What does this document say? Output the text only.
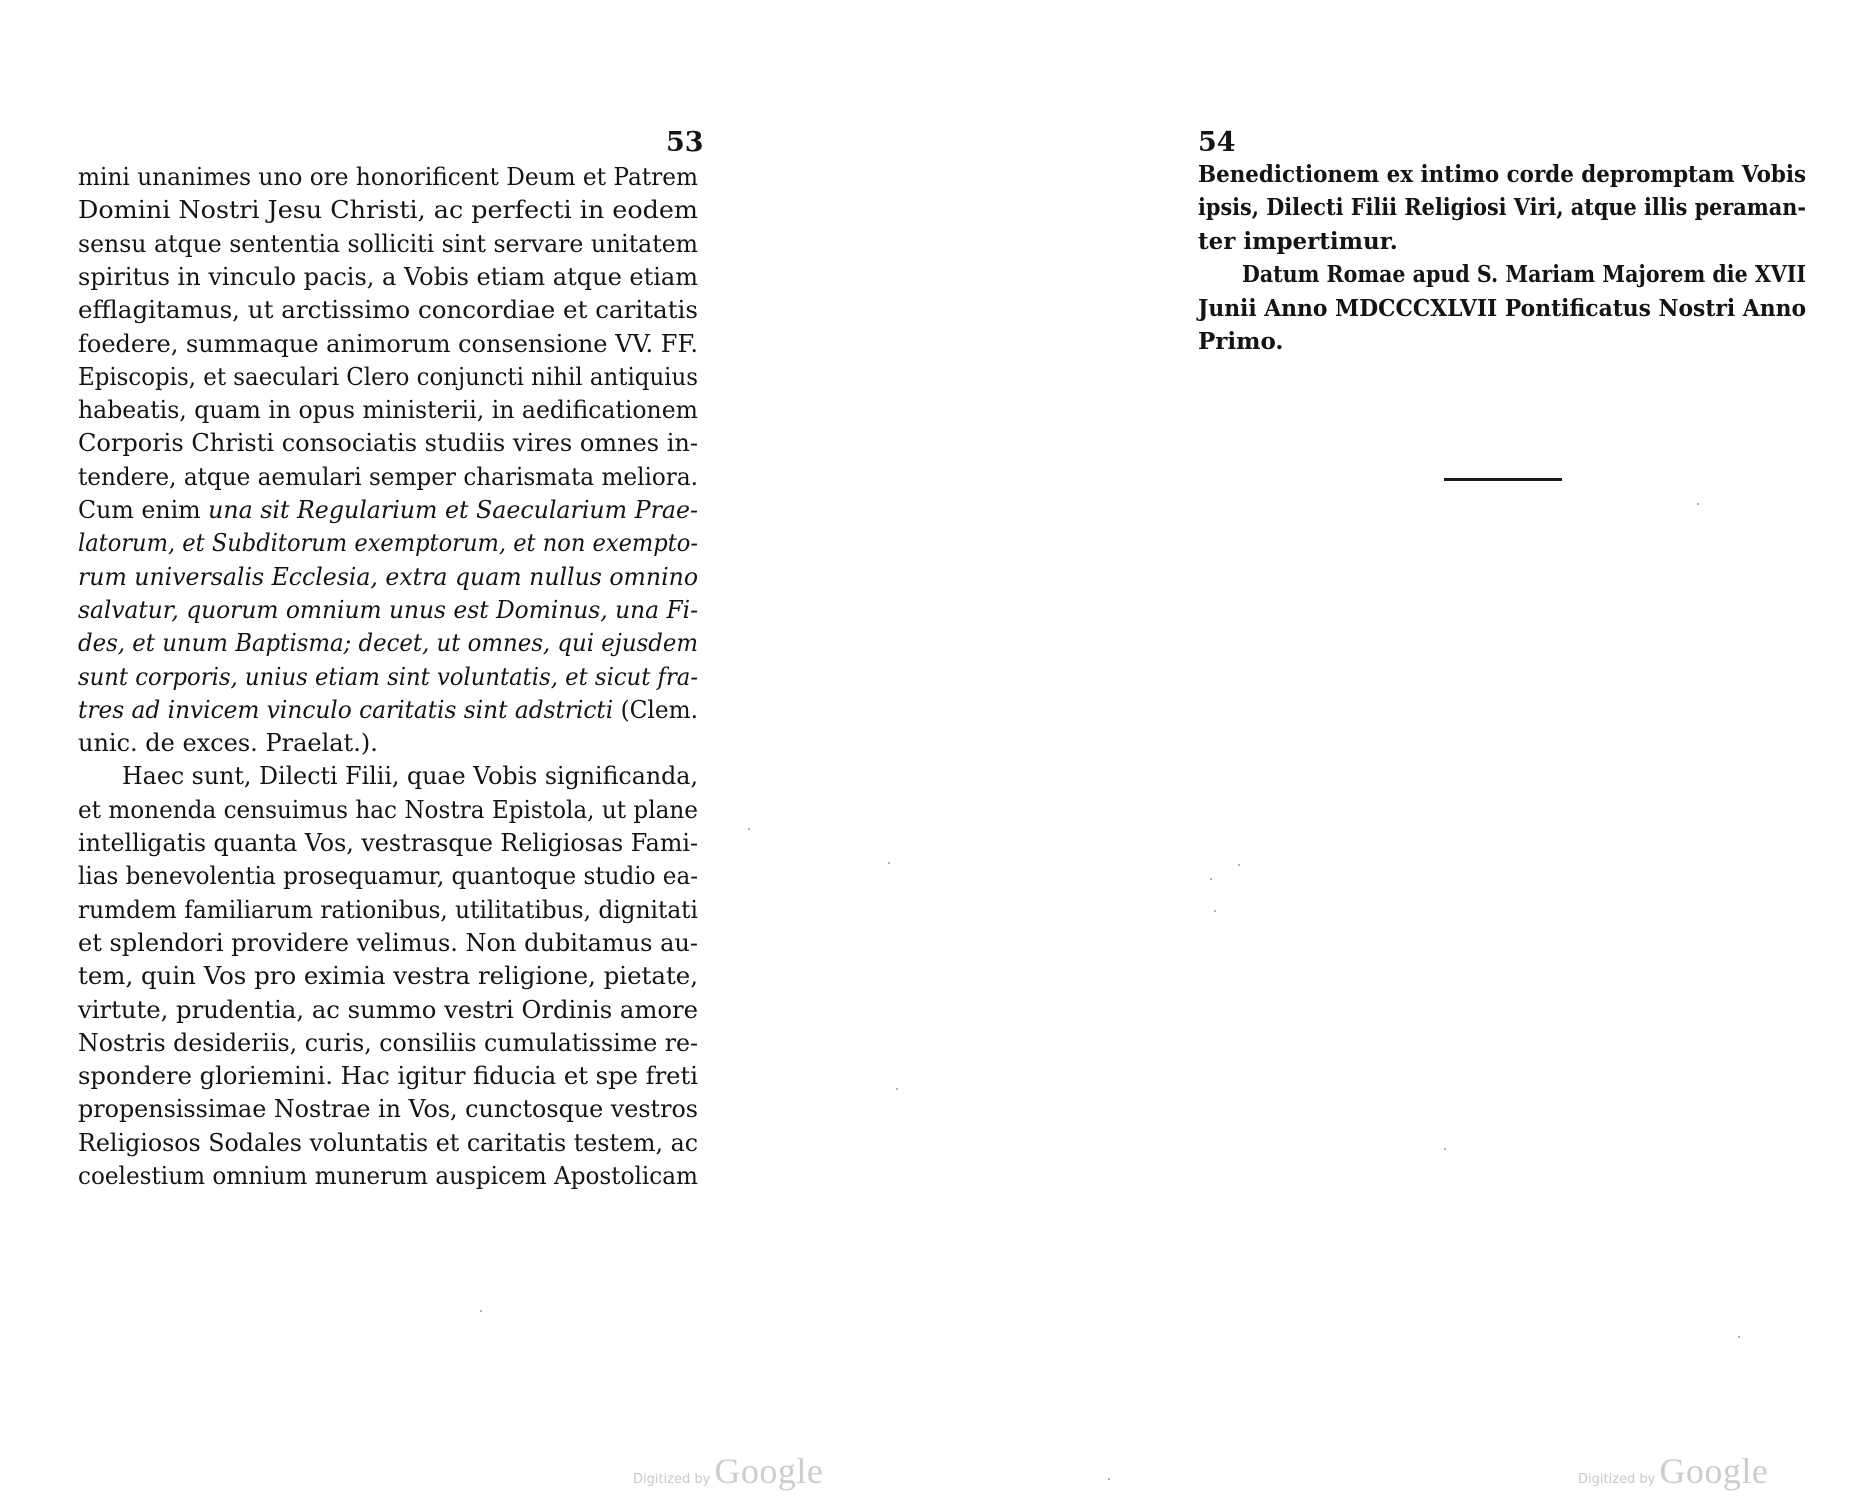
53
mini unanimes uno ore honorificent Deum et Patrem
Domini Nostri Jesu Christi, ac perfecti in eodem
sensu atque sententia solliciti sint servare unitatem
spiritus in vinculo pacis, a Vobis etiam atque etiam
efflagitamus, ut arctissimo concordiae et caritatis
foedere, summaque animorum consensione VV. FF.
Episcopis, et saeculari Clero conjuncti nihil antiquius
habeatis, quam in opus ministerii, in aedificationem
Corporis Christi consociatis studiis vires omnes in-
tendere, atque aemulari semper charismata meliora.
Cum enim una sit Regularium et Saecularium Prae-
latorum, et Subditorum exemptorum, et non exempto-
rum universalis Ecclesia, extra quam nullus omnino
salvatur, quorum omnium unus est Dominus, una Fi-
des, et unum Baptisma; decet, ut omnes, qui ejusdem
sunt corporis, unius etiam sint voluntatis, et sicut fra-
tres ad invicem vinculo caritatis sint adstricti (Clem.
unic. de exces. Praelat.).
Haec sunt, Dilecti Filii, quae Vobis significanda,
et monenda censuimus hac Nostra Epistola, ut plane
intelligatis quanta Vos, vestrasque Religiosas Fami-
lias benevolentia prosequamur, quantoque studio ea-
rumdem familiarum rationibus, utilitatibus, dignitati
et splendori providere velimus. Non dubitamus au-
tem, quin Vos pro eximia vestra religione, pietate,
virtute, prudentia, ac summo vestri Ordinis amore
Nostris desideriis, curis, consiliis cumulatissime re-
spondere gloriemini. Hac igitur fiducia et spe freti
propensissimae Nostrae in Vos, cunctosque vestros
Religiosos Sodales voluntatis et caritatis testem, ac
coelestium omnium munerum auspicem Apostolicam
54
Benedictionem ex intimo corde depromptam Vobis
ipsis, Dilecti Filii Religiosi Viri, atque illis peraman-
ter impertimur.
Datum Romae apud S. Mariam Majorem die XVII
Junii Anno MDCCCXLVII Pontificatus Nostri Anno
Primo.
Digitized by Google	Digitized by Google
